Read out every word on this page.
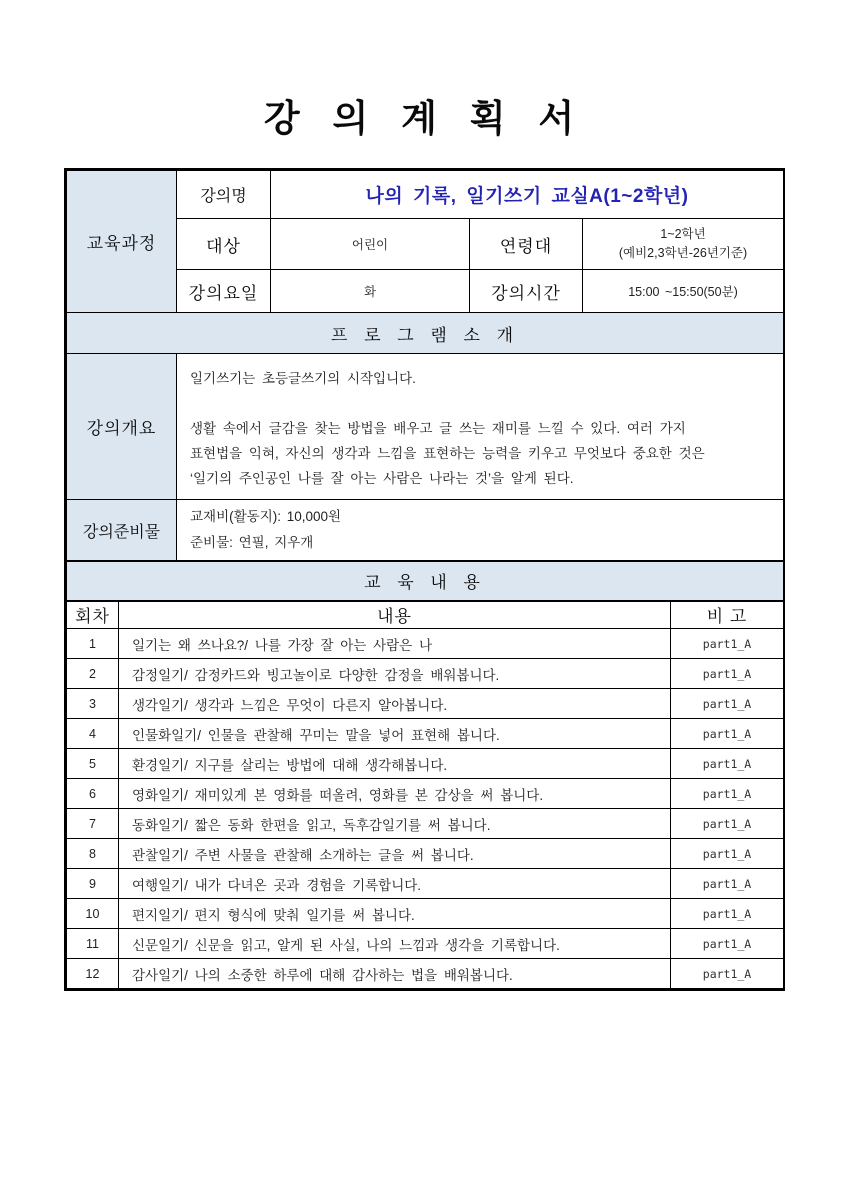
강 의 계 획 서
교육과정	강의명	나의 기록, 일기쓰기 교실A(1~2학년)		
	대상	어린이	연령대	1~2학년
(예비2,3학년-26년기준)

	강의요일	화	강의시간	15:00 ~15:50(50분)
프 로 그 램 소 개				
강의개요	일기쓰기는 초등글쓰기의 시작입니다.
생활 속에서 글감을 찾는 방법을 배우고 글 쓰는 재미를 느낄 수 있다. 여러 가지
표현법을 익혀, 자신의 생각과 느낌을 표현하는 능력을 키우고 무엇보다 중요한 것은
‘일기의 주인공인 나를 잘 아는 사람은 나라는 것’을 알게 된다.			

강의준비물	교재비(활동지): 10,000원
준비물: 연필, 지우개			
교 육 내 용		
회차	내용	비 고
1	일기는 왜 쓰나요?/ 나를 가장 잘 아는 사람은 나	part1_A
2	감정일기/ 감정카드와 빙고놀이로 다양한 감정을 배워봅니다.	part1_A
3	생각일기/ 생각과 느낌은 무엇이 다른지 알아봅니다.	part1_A
4	인물화일기/ 인물을 관찰해 꾸미는 말을 넣어 표현해 봅니다.	part1_A
5	환경일기/ 지구를 살리는 방법에 대해 생각해봅니다.	part1_A
6	영화일기/ 재미있게 본 영화를 떠올려, 영화를 본 감상을 써 봅니다.	part1_A
7	동화일기/ 짧은 동화 한편을 읽고, 독후감일기를 써 봅니다.	part1_A
8	관찰일기/ 주변 사물을 관찰해 소개하는 글을 써 봅니다.	part1_A
9	여행일기/ 내가 다녀온 곳과 경험을 기록합니다.	part1_A
10	편지일기/ 편지 형식에 맞춰 일기를 써 봅니다.	part1_A
11	신문일기/ 신문을 읽고, 알게 된 사실, 나의 느낌과 생각을 기록합니다.	part1_A
12	감사일기/ 나의 소중한 하루에 대해 감사하는 법을 배워봅니다.	part1_A
